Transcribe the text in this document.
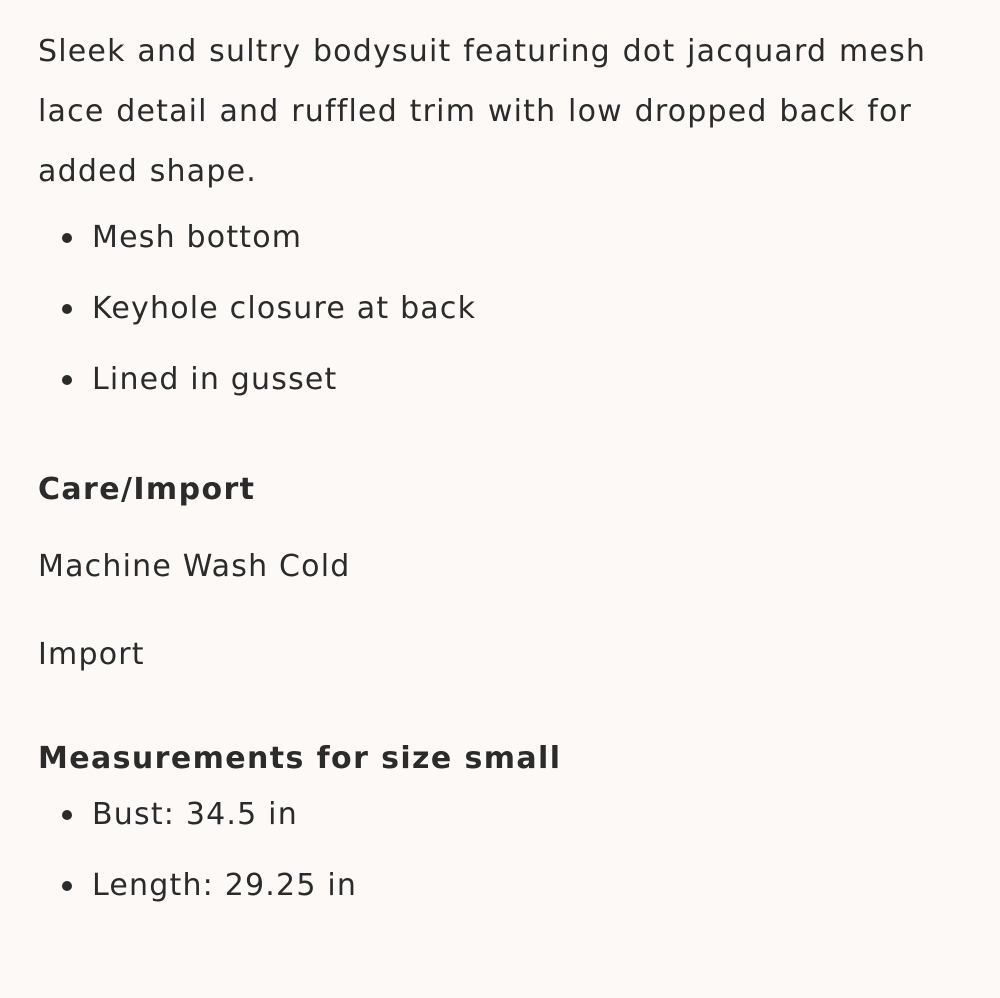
Sleek and sultry bodysuit featuring dot jacquard mesh lace detail and ruffled trim with low dropped back for added shape.

Mesh bottom
Keyhole closure at back
Lined in gusset
Care/Import

Machine Wash Cold

Import

Measurements for size small
Bust: 34.5 in
Length: 29.25 in
